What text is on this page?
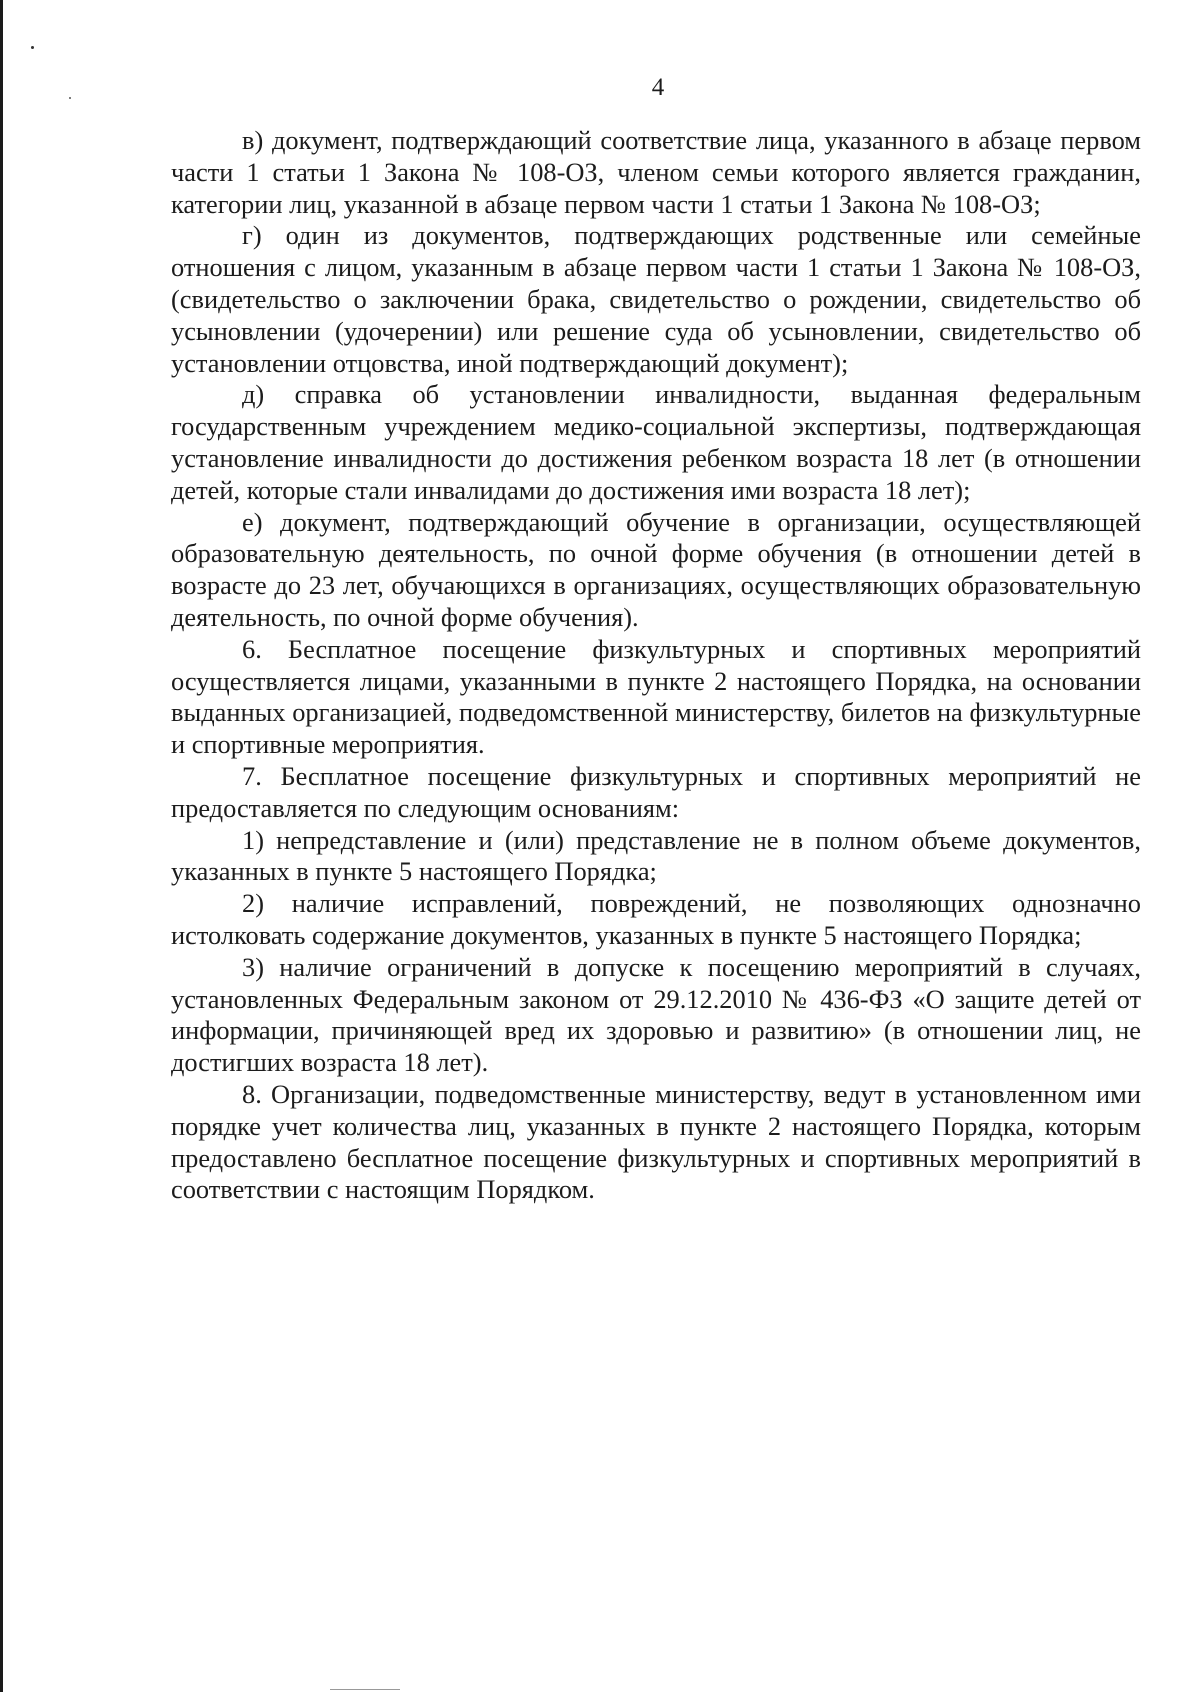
4

в) документ, подтверждающий соответствие лица, указанного в абзаце первом части 1 статьи 1 Закона № 108-ОЗ, членом семьи которого является гражданин, категории лиц, указанной в абзаце первом части 1 статьи 1 Закона № 108-ОЗ;

г) один из документов, подтверждающих родственные или семейные отношения с лицом, указанным в абзаце первом части 1 статьи 1 Закона № 108-ОЗ, (свидетельство о заключении брака, свидетельство о рождении, свидетельство об усыновлении (удочерении) или решение суда об усыновлении, свидетельство об установлении отцовства, иной подтверждающий документ);

д) справка об установлении инвалидности, выданная федеральным государственным учреждением медико-социальной экспертизы, подтверждающая установление инвалидности до достижения ребенком возраста 18 лет (в отношении детей, которые стали инвалидами до достижения ими возраста 18 лет);

е) документ, подтверждающий обучение в организации, осуществляющей образовательную деятельность, по очной форме обучения (в отношении детей в возрасте до 23 лет, обучающихся в организациях, осуществляющих образовательную деятельность, по очной форме обучения).

6. Бесплатное посещение физкультурных и спортивных мероприятий осуществляется лицами, указанными в пункте 2 настоящего Порядка, на основании выданных организацией, подведомственной министерству, билетов на физкультурные и спортивные мероприятия.

7. Бесплатное посещение физкультурных и спортивных мероприятий не предоставляется по следующим основаниям:

1) непредставление и (или) представление не в полном объеме документов, указанных в пункте 5 настоящего Порядка;

2) наличие исправлений, повреждений, не позволяющих однозначно истолковать содержание документов, указанных в пункте 5 настоящего Порядка;

3) наличие ограничений в допуске к посещению мероприятий в случаях, установленных Федеральным законом от 29.12.2010 № 436-ФЗ «О защите детей от информации, причиняющей вред их здоровью и развитию» (в отношении лиц, не достигших возраста 18 лет).

8. Организации, подведомственные министерству, ведут в установленном ими порядке учет количества лиц, указанных в пункте 2 настоящего Порядка, которым предоставлено бесплатное посещение физкультурных и спортивных мероприятий в соответствии с настоящим Порядком.
